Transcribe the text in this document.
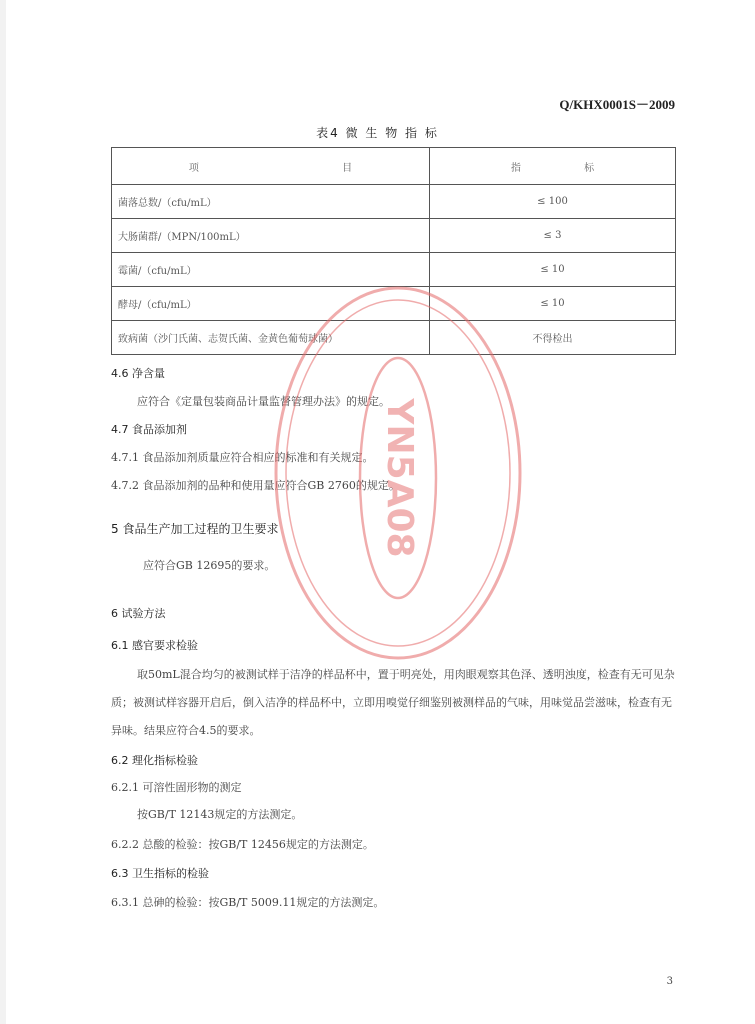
Q/KHX0001S－2009
表4 微 生 物 指 标
项 目	指 标
菌落总数/（cfu/mL）	≤ 100
大肠菌群/（MPN/100mL）	≤ 3
霉菌/（cfu/mL）	≤ 10
酵母/（cfu/mL）	≤ 10
致病菌（沙门氏菌、志贺氏菌、金黄色葡萄球菌）	不得检出
4.6 净含量
应符合《定量包装商品计量监督管理办法》的规定。
4.7 食品添加剂
4.7.1 食品添加剂质量应符合相应的标准和有关规定。
4.7.2 食品添加剂的品种和使用量应符合GB 2760的规定。
5 食品生产加工过程的卫生要求
应符合GB 12695的要求。
6 试验方法
6.1 感官要求检验
取50mL混合均匀的被测试样于洁净的样品杯中，置于明亮处，用肉眼观察其色泽、透明浊度，检查有无可见杂质；被测试样容器开启后，倒入洁净的样品杯中，立即用嗅觉仔细鉴别被测样品的气味，用味觉品尝滋味，检查有无异味。结果应符合4.5的要求。
6.2 理化指标检验
6.2.1 可溶性固形物的测定
按GB/T 12143规定的方法测定。
6.2.2 总酸的检验：按GB/T 12456规定的方法测定。
6.3 卫生指标的检验
6.3.1 总砷的检验：按GB/T 5009.11规定的方法测定。
YN5A08
3
